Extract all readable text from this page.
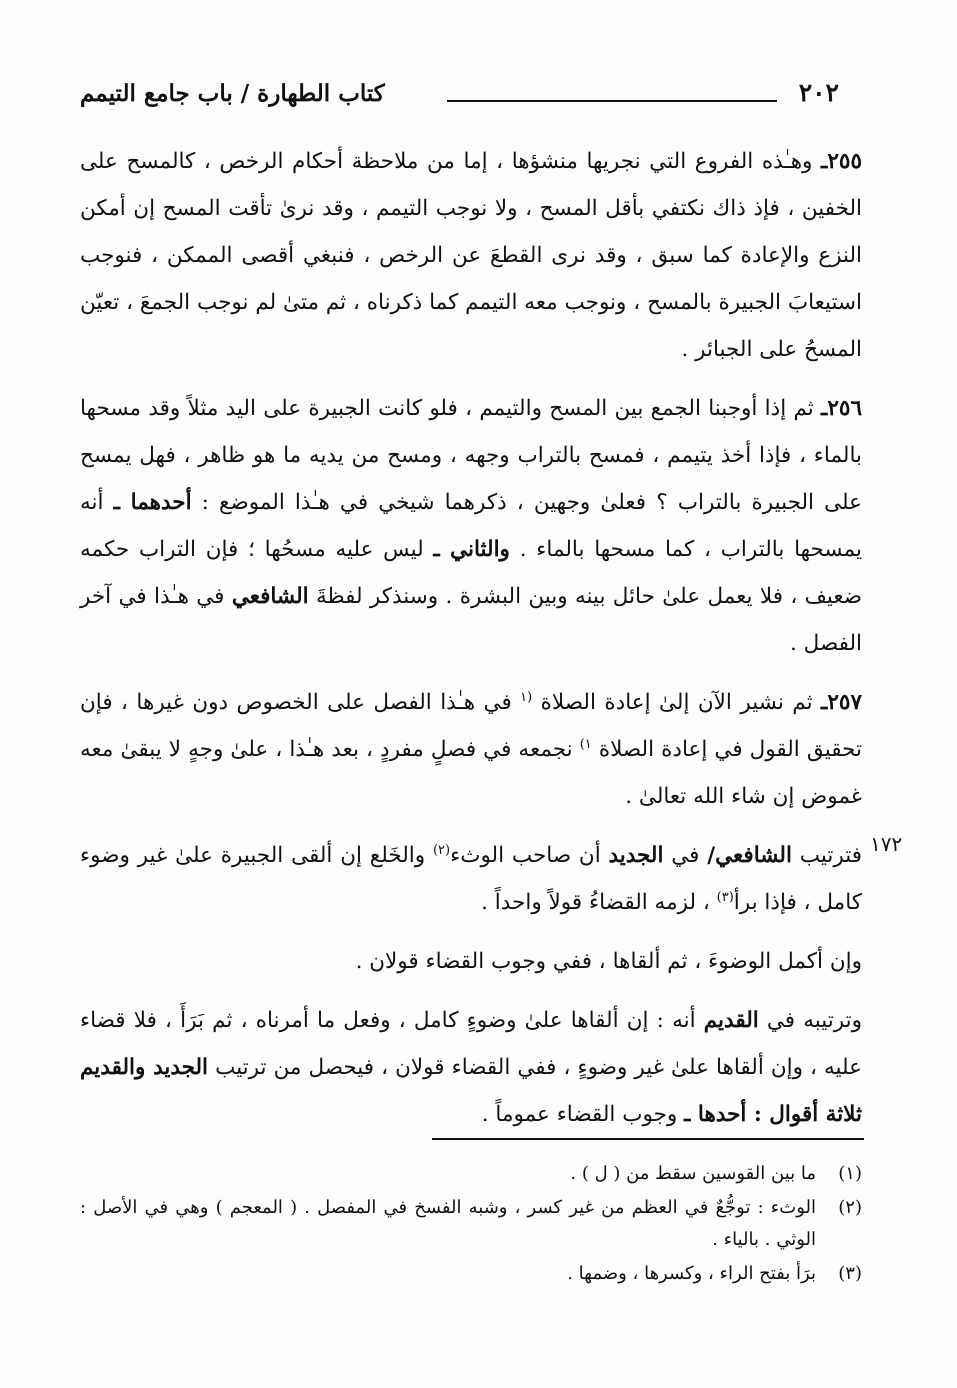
٢٠٢
كتاب الطهارة / باب جامع التيمم

٢٥٥ـ وهـٰذه الفروع التي نجريها منشؤها ، إما من ملاحظة أحكام الرخص ، كالمسح على الخفين ، فإذ ذاك نكتفي بأقل المسح ، ولا نوجب التيمم ، وقد نرىٰ تأقت المسح إن أمكن النزع والإعادة كما سبق ، وقد نرى القطعَ عن الرخص ، فنبغي أقصى الممكن ، فنوجب استيعابَ الجبيرة بالمسح ، ونوجب معه التيمم كما ذكرناه ، ثم متىٰ لم نوجب الجمعَ ، تعيّن المسحُ على الجبائر .

٢٥٦ـ ثم إذا أوجبنا الجمع بين المسح والتيمم ، فلو كانت الجبيرة على اليد مثلاً وقد مسحها بالماء ، فإذا أخذ يتيمم ، فمسح بالتراب وجهه ، ومسح من يديه ما هو ظاهر ، فهل يمسح على الجبيرة بالتراب ؟ فعلىٰ وجهين ، ذكرهما شيخي في هـٰذا الموضع : أحدهما ـ أنه يمسحها بالتراب ، كما مسحها بالماء . والثاني ـ ليس عليه مسحُها ؛ فإن التراب حكمه ضعيف ، فلا يعمل علىٰ حائل بينه وبين البشرة . وسنذكر لفظةَ الشافعي في هـٰذا في آخر الفصل .

٢٥٧ـ ثم نشير الآن إلىٰ إعادة الصلاة $^{(١}$ في هـٰذا الفصل على الخصوص دون غيرها ، فإن تحقيق القول في إعادة الصلاة $^{١)}$ نجمعه في فصلٍ مفردٍ ، بعد هـٰذا ، علىٰ وجهٍ لا يبقىٰ معه غموض إن شاء الله تعالىٰ .

فترتيب الشافعي/ في الجديد أن صاحب الوثء$^{(٢)}$ والخَلع إن ألقى الجبيرة علىٰ غير وضوء كامل ، فإذا برأ$^{(٣)}$ ، لزمه القضاءُ قولاً واحداً .

وإن أكمل الوضوءَ ، ثم ألقاها ، ففي وجوب القضاء قولان .

وترتيبه في القديم أنه : إن ألقاها علىٰ وضوءٍ كامل ، وفعل ما أمرناه ، ثم بَرَأَ ، فلا قضاء عليه ، وإن ألقاها علىٰ غير وضوءٍ ، ففي القضاء قولان ، فيحصل من ترتيب الجديد والقديم ثلاثة أقوال : أحدها ـ وجوب القضاء عموماً .

١٧٢
(١)
ما بين القوسين سقط من ( ل ) .
(٢)
الوثء : توجُّعٌ في العظم من غير كسر ، وشبه الفسخ في المفصل . ( المعجم ) وهي في الأصل : الوثي . بالياء .
(٣)
برَأ بفتح الراء ، وكسرها ، وضمها .
